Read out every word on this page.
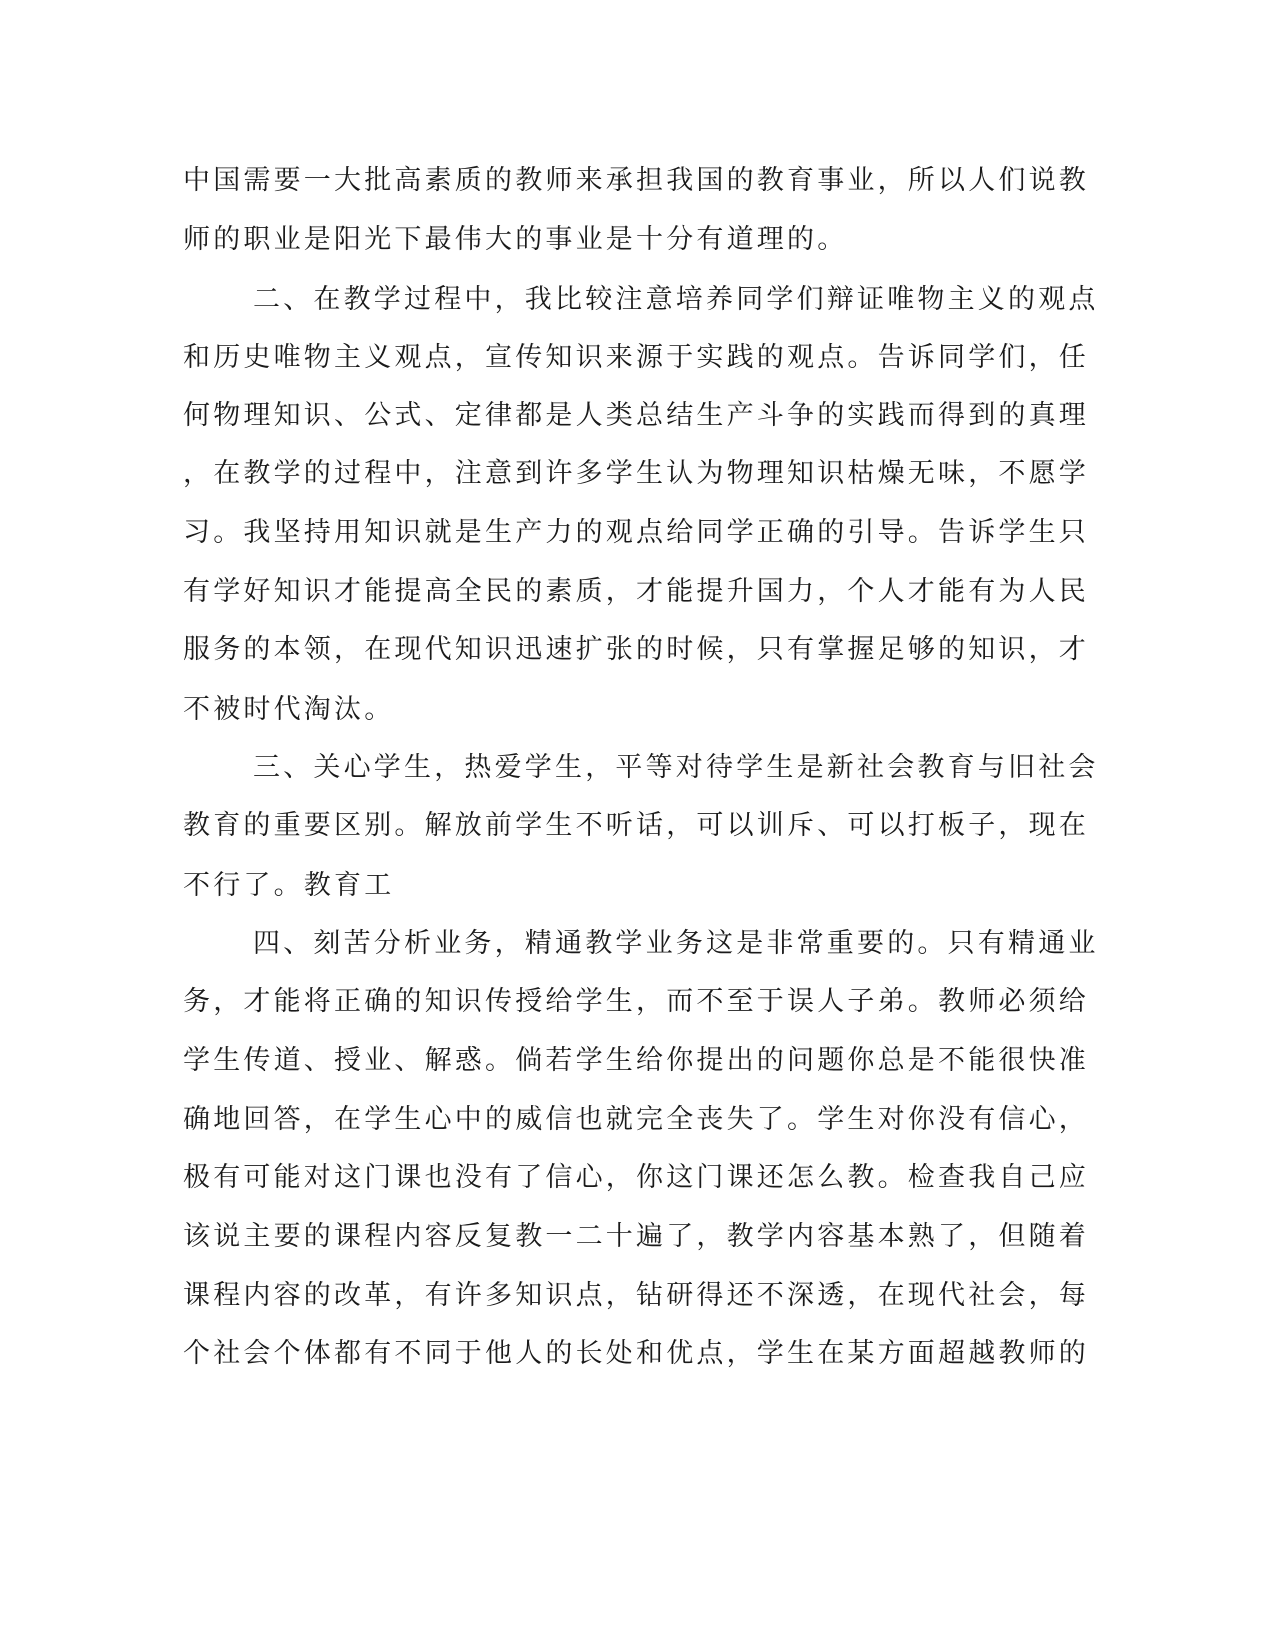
中国需要一大批高素质的教师来承担我国的教育事业，所以人们说教
师的职业是阳光下最伟大的事业是十分有道理的。
二、在教学过程中，我比较注意培养同学们辩证唯物主义的观点
和历史唯物主义观点，宣传知识来源于实践的观点。告诉同学们，任
何物理知识、公式、定律都是人类总结生产斗争的实践而得到的真理
，在教学的过程中，注意到许多学生认为物理知识枯燥无味，不愿学
习。我坚持用知识就是生产力的观点给同学正确的引导。告诉学生只
有学好知识才能提高全民的素质，才能提升国力，个人才能有为人民
服务的本领，在现代知识迅速扩张的时候，只有掌握足够的知识，才
不被时代淘汰。
三、关心学生，热爱学生，平等对待学生是新社会教育与旧社会
教育的重要区别。解放前学生不听话，可以训斥、可以打板子，现在
不行了。教育工
四、刻苦分析业务，精通教学业务这是非常重要的。只有精通业
务，才能将正确的知识传授给学生，而不至于误人子弟。教师必须给
学生传道、授业、解惑。倘若学生给你提出的问题你总是不能很快准
确地回答，在学生心中的威信也就完全丧失了。学生对你没有信心，
极有可能对这门课也没有了信心，你这门课还怎么教。检查我自己应
该说主要的课程内容反复教一二十遍了，教学内容基本熟了，但随着
课程内容的改革，有许多知识点，钻研得还不深透，在现代社会，每
个社会个体都有不同于他人的长处和优点，学生在某方面超越教师的
